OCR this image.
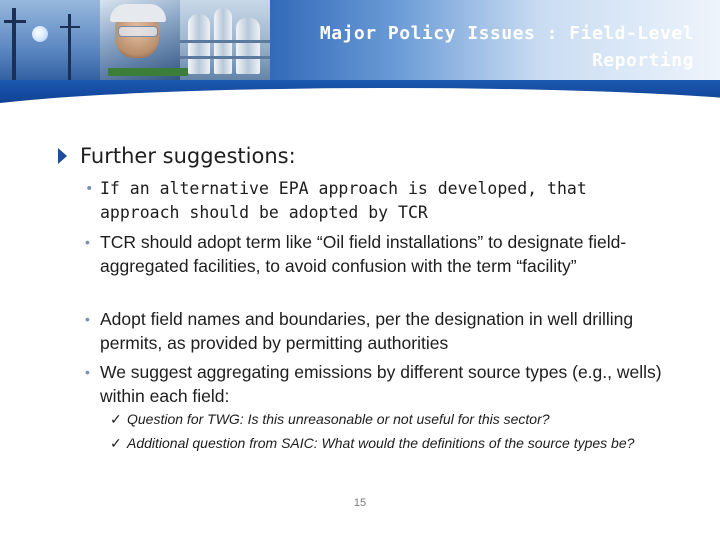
Major Policy Issues : Field-Level
Reporting
Further suggestions:
• If an alternative EPA approach is developed, that approach should be adopted by TCR
• TCR should adopt term like “Oil field installations” to designate field-aggregated facilities, to avoid confusion with the term “facility”
• Adopt field names and boundaries, per the designation in well drilling permits, as provided by permitting authorities
• We suggest aggregating emissions by different source types (e.g., wells) within each field:
✓ Question for TWG: Is this unreasonable or not useful for this sector?
✓ Additional question from SAIC: What would the definitions of the source types be?
15
